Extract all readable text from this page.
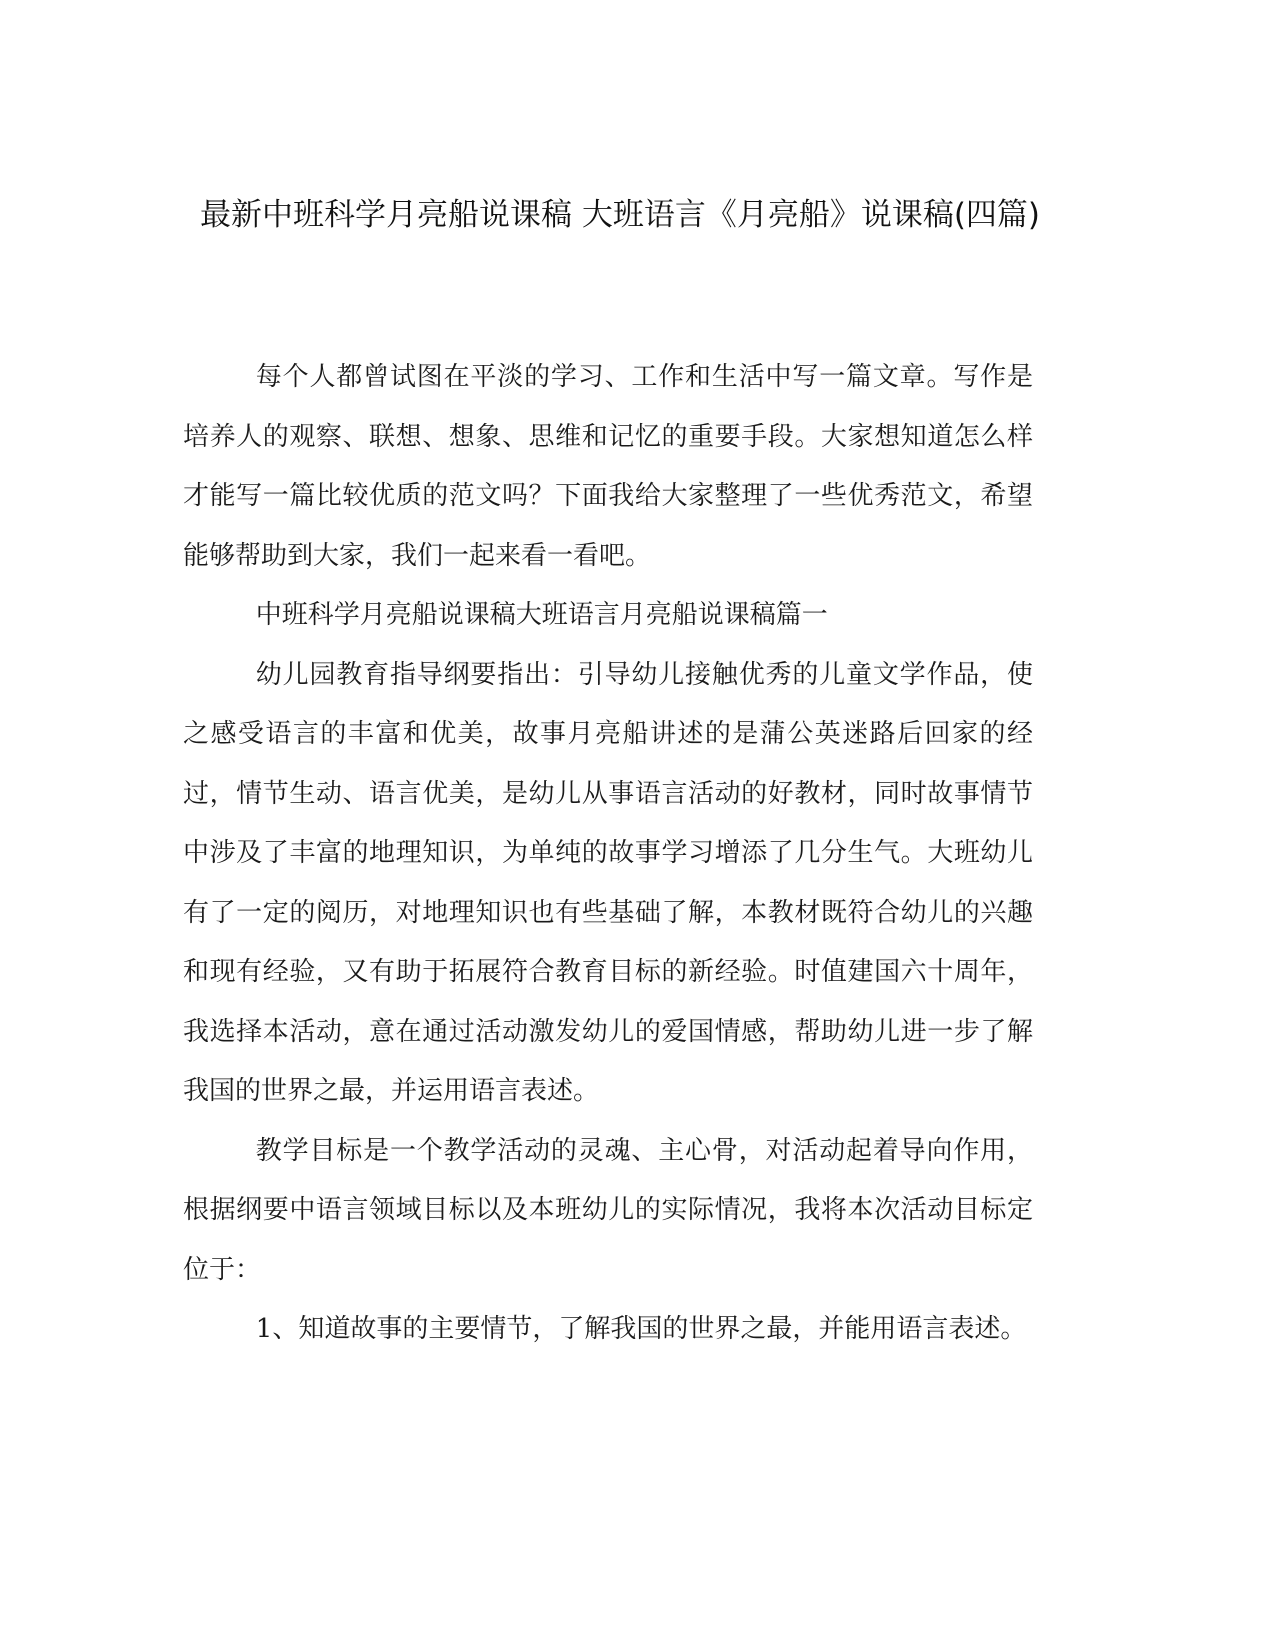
最新中班科学月亮船说课稿 大班语言《月亮船》说课稿(四篇)

每个人都曾试图在平淡的学习、工作和生活中写一篇文章。写作是培养人的观察、联想、想象、思维和记忆的重要手段。大家想知道怎么样才能写一篇比较优质的范文吗？下面我给大家整理了一些优秀范文，希望能够帮助到大家，我们一起来看一看吧。

中班科学月亮船说课稿大班语言月亮船说课稿篇一

幼儿园教育指导纲要指出：引导幼儿接触优秀的儿童文学作品，使之感受语言的丰富和优美，故事月亮船讲述的是蒲公英迷路后回家的经过，情节生动、语言优美，是幼儿从事语言活动的好教材，同时故事情节中涉及了丰富的地理知识，为单纯的故事学习增添了几分生气。大班幼儿有了一定的阅历，对地理知识也有些基础了解，本教材既符合幼儿的兴趣和现有经验，又有助于拓展符合教育目标的新经验。时值建国六十周年，我选择本活动，意在通过活动激发幼儿的爱国情感，帮助幼儿进一步了解我国的世界之最，并运用语言表述。

教学目标是一个教学活动的灵魂、主心骨，对活动起着导向作用，根据纲要中语言领域目标以及本班幼儿的实际情况，我将本次活动目标定位于：

1、知道故事的主要情节，了解我国的世界之最，并能用语言表述。
